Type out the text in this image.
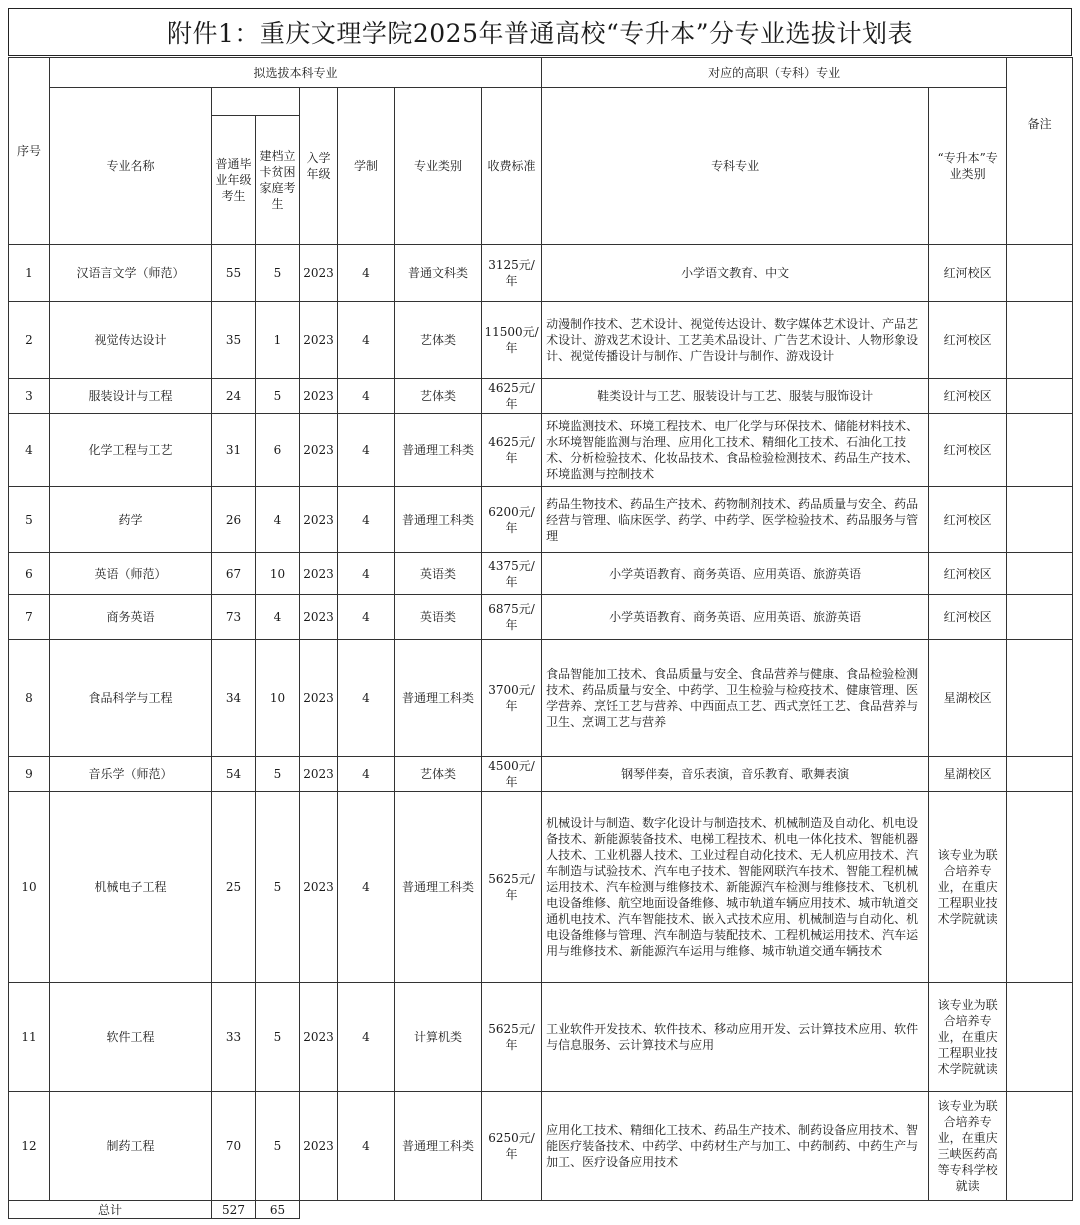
附件1：重庆文理学院2025年普通高校“专升本”分专业选拔计划表
序号	拟选拔本科专业							对应的高职（专科）专业		备注
	专业名称			入学年级	学制	专业类别	收费标准	专科专业	“专升本”专业类别	

		普通毕业年级考生	建档立卡贫困家庭考生							

1	汉语言文学（师范）	55	5	2023	4	普通文科类	3125元/年	小学语文教育、中文	红河校区	
2	视觉传达设计	35	1	2023	4	艺体类	11500元/年	动漫制作技术、艺术设计、视觉传达设计、数字媒体艺术设计、产品艺术设计、游戏艺术设计、工艺美术品设计、广告艺术设计、人物形象设计、视觉传播设计与制作、广告设计与制作、游戏设计	红河校区	
3	服装设计与工程	24	5	2023	4	艺体类	4625元/年	鞋类设计与工艺、服装设计与工艺、服装与服饰设计	红河校区	
4	化学工程与工艺	31	6	2023	4	普通理工科类	4625元/年	环境监测技术、环境工程技术、电厂化学与环保技术、储能材料技术、水环境智能监测与治理、应用化工技术、精细化工技术、石油化工技术、分析检验技术、化妆品技术、食品检验检测技术、药品生产技术、环境监测与控制技术	红河校区	
5	药学	26	4	2023	4	普通理工科类	6200元/年	药品生物技术、药品生产技术、药物制剂技术、药品质量与安全、药品经营与管理、临床医学、药学、中药学、医学检验技术、药品服务与管理	红河校区	
6	英语（师范）	67	10	2023	4	英语类	4375元/年	小学英语教育、商务英语、应用英语、旅游英语	红河校区	
7	商务英语	73	4	2023	4	英语类	6875元/年	小学英语教育、商务英语、应用英语、旅游英语	红河校区	
8	食品科学与工程	34	10	2023	4	普通理工科类	3700元/年	食品智能加工技术、食品质量与安全、食品营养与健康、食品检验检测技术、药品质量与安全、中药学、卫生检验与检疫技术、健康管理、医学营养、烹饪工艺与营养、中西面点工艺、西式烹饪工艺、食品营养与卫生、烹调工艺与营养	星湖校区	
9	音乐学（师范）	54	5	2023	4	艺体类	4500元/年	钢琴伴奏，音乐表演，音乐教育、歌舞表演	星湖校区	
10	机械电子工程	25	5	2023	4	普通理工科类	5625元/年	机械设计与制造、数字化设计与制造技术、机械制造及自动化、机电设备技术、新能源装备技术、电梯工程技术、机电一体化技术、智能机器人技术、工业机器人技术、工业过程自动化技术、无人机应用技术、汽车制造与试验技术、汽车电子技术、智能网联汽车技术、智能工程机械运用技术、汽车检测与维修技术、新能源汽车检测与维修技术、飞机机电设备维修、航空地面设备维修、城市轨道车辆应用技术、城市轨道交通机电技术、汽车智能技术、嵌入式技术应用、机械制造与自动化、机电设备维修与管理、汽车制造与装配技术、工程机械运用技术、汽车运用与维修技术、新能源汽车运用与维修、城市轨道交通车辆技术	该专业为联合培养专业，在重庆工程职业技术学院就读	
11	软件工程	33	5	2023	4	计算机类	5625元/年	工业软件开发技术、软件技术、移动应用开发、云计算技术应用、软件与信息服务、云计算技术与应用	该专业为联合培养专业，在重庆工程职业技术学院就读	
12	制药工程	70	5	2023	4	普通理工科类	6250元/年	应用化工技术、精细化工技术、药品生产技术、制药设备应用技术、智能医疗装备技术、中药学、中药材生产与加工、中药制药、中药生产与加工、医疗设备应用技术	该专业为联合培养专业，在重庆三峡医药高等专科学校就读	
总计		527	65							
